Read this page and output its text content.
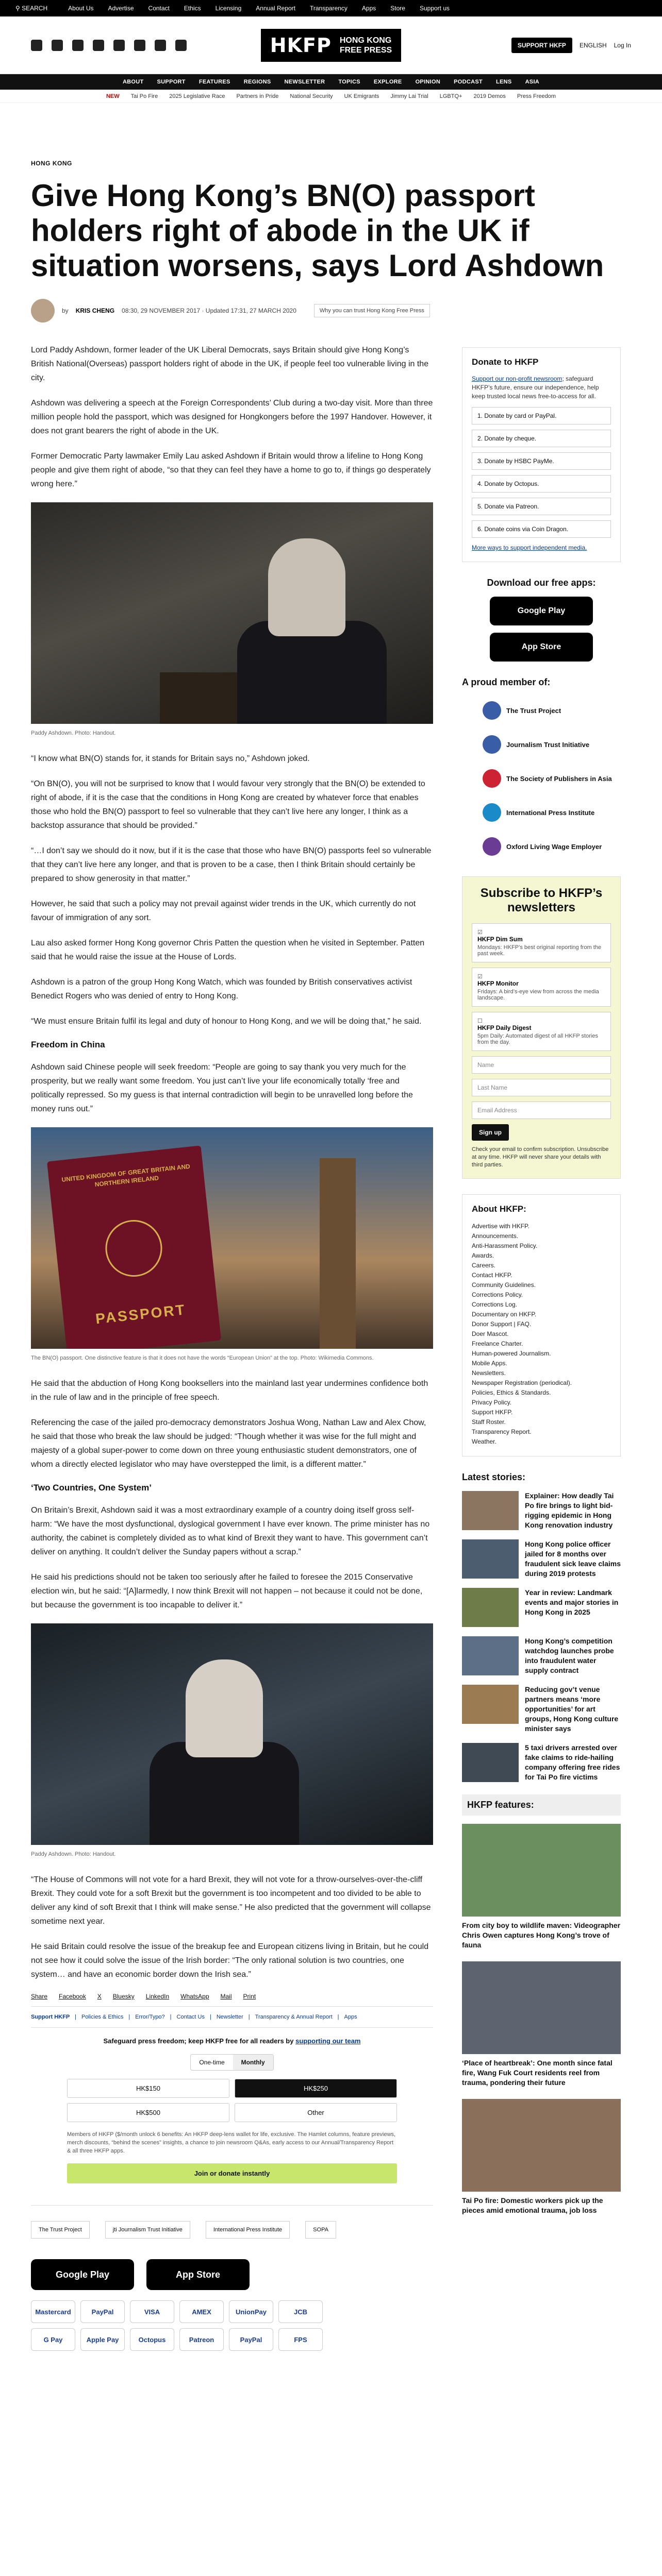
⚲ SEARCH	About Us Advertise Contact Ethics Licensing Annual Report Transparency Apps Store Support us
HKFP HONG KONG
FREE PRESS
SUPPORT HKFP	ENGLISH Log In
ABOUT SUPPORT FEATURES REGIONS NEWSLETTER TOPICS EXPLORE OPINION PODCAST LENS ASIA
NEW Tai Po Fire 2025 Legislative Race Partners in Pride National Security UK Emigrants Jimmy Lai Trial LGBTQ+ 2019 Demos Press Freedom
HONG KONG
Give Hong Kong’s BN(O) passport holders right of abode in the UK if situation worsens, says Lord Ashdown
by KRIS CHENG 08:30, 29 NOVEMBER 2017 · Updated 17:31, 27 MARCH 2020	Why you can trust Hong Kong Free Press

Lord Paddy Ashdown, former leader of the UK Liberal Democrats, says Britain should give Hong Kong’s British National(Overseas) passport holders right of abode in the UK, if people feel too vulnerable living in the city.

Ashdown was delivering a speech at the Foreign Correspondents’ Club during a two-day visit. More than three million people hold the passport, which was designed for Hongkongers before the 1997 Handover. However, it does not grant bearers the right of abode in the UK.

Former Democratic Party lawmaker Emily Lau asked Ashdown if Britain would throw a lifeline to Hong Kong people and give them right of abode, “so that they can feel they have a home to go to, if things go desperately wrong here.”

Paddy Ashdown. Photo: Handout.

“I know what BN(O) stands for, it stands for Britain says no,” Ashdown joked.

“On BN(O), you will not be surprised to know that I would favour very strongly that the BN(O) be extended to right of abode, if it is the case that the conditions in Hong Kong are created by whatever force that enables those who hold the BN(O) passport to feel so vulnerable that they can’t live here any longer, I think as a backstop assurance that should be provided.”

“…I don’t say we should do it now, but if it is the case that those who have BN(O) passports feel so vulnerable that they can’t live here any longer, and that is proven to be a case, then I think Britain should certainly be prepared to show generosity in that matter.”

However, he said that such a policy may not prevail against wider trends in the UK, which currently do not favour of immigration of any sort.

Lau also asked former Hong Kong governor Chris Patten the question when he visited in September. Patten said that he would raise the issue at the House of Lords.

Ashdown is a patron of the group Hong Kong Watch, which was founded by British conservatives activist Benedict Rogers who was denied of entry to Hong Kong.

“We must ensure Britain fulfil its legal and duty of honour to Hong Kong, and we will be doing that,” he said.

Freedom in China

Ashdown said Chinese people will seek freedom: “People are going to say thank you very much for the prosperity, but we really want some freedom. You just can’t live your life economically totally ‘free and politically repressed. So my guess is that internal contradiction will begin to be unravelled long before the money runs out.”

UNITED KINGDOM OF GREAT BRITAIN AND NORTHERN IRELAND
PASSPORT
The BN(O) passport. One distinctive feature is that it does not have the words “European Union” at the top. Photo: Wikimedia Commons.

He said that the abduction of Hong Kong booksellers into the mainland last year undermines confidence both in the rule of law and in the principle of free speech.

Referencing the case of the jailed pro-democracy demonstrators Joshua Wong, Nathan Law and Alex Chow, he said that those who break the law should be judged: “Though whether it was wise for the full might and majesty of a global super-power to come down on three young enthusiastic student demonstrators, one of whom a directly elected legislator who may have overstepped the limit, is a different matter.”

‘Two Countries, One System’

On Britain’s Brexit, Ashdown said it was a most extraordinary example of a country doing itself gross self-harm: “We have the most dysfunctional, dyslogical government I have ever known. The prime minister has no authority, the cabinet is completely divided as to what kind of Brexit they want to have. This government can’t deliver on anything. It couldn’t deliver the Sunday papers without a scrap.”

He said his predictions should not be taken too seriously after he failed to foresee the 2015 Conservative election win, but he said: “[A]larmedly, I now think Brexit will not happen – not because it could not be done, but because the government is too incapable to deliver it.”

Paddy Ashdown. Photo: Handout.

“The House of Commons will not vote for a hard Brexit, they will not vote for a throw-ourselves-over-the-cliff Brexit. They could vote for a soft Brexit but the government is too incompetent and too divided to be able to deliver any kind of soft Brexit that I think will make sense.” He also predicted that the government will collapse sometime next year.

He said Britain could resolve the issue of the breakup fee and European citizens living in Britain, but he could not see how it could solve the issue of the Irish border: “The only rational solution is two countries, one system… and have an economic border down the Irish sea.”

Share Facebook X Bluesky LinkedIn WhatsApp Mail Print
Support HKFP | Policies & Ethics | Error/Typo? | Contact Us | Newsletter | Transparency & Annual Report | Apps
Safeguard press freedom; keep HKFP free for all readers by supporting our team
One-time	Monthly
HK$150	HK$250
HK$500	Other
Members of HKFP ($/month unlock 6 benefits: An HKFP deep-lens wallet for life, exclusive. The Hamlet columns, feature previews, merch discounts, “behind the scenes” insights, a chance to join newsroom Q&As, early access to our Annual/Transparency Report & all three HKFP apps.
Join or donate instantly
The Trust Project	jti Journalism Trust Initiative	International Press Institute	SOPA
Google Play	App Store
Mastercard	PayPal	VISA	AMEX	UnionPay	JCB
G Pay	Apple Pay	Octopus	Patreon	PayPal	FPS
Donate to HKFP

Support our non-profit newsroom; safeguard HKFP’s future, ensure our independence, help keep trusted local news free-to-access for all.

1. Donate by card or PayPal.
2. Donate by cheque.
3. Donate by HSBC PayMe.
4. Donate by Octopus.
5. Donate via Patreon.
6. Donate coins via Coin Dragon.
More ways to support independent media.
Download our free apps:
Google Play
App Store
A proud member of:
The Trust Project
Journalism Trust Initiative
The Society of Publishers in Asia
International Press Institute
Oxford Living Wage Employer
Subscribe to HKFP’s newsletters
☑
HKFP Dim Sum
Mondays: HKFP’s best original reporting from the past week.
☑
HKFP Monitor
Fridays: A bird’s-eye view from across the media landscape.
☐
HKFP Daily Digest
5pm Daily: Automated digest of all HKFP stories from the day.
Name
Last Name
Email Address
Sign up
Check your email to confirm subscription. Unsubscribe at any time. HKFP will never share your details with third parties.
About HKFP:
Advertise with HKFP.
Announcements.
Anti-Harassment Policy.
Awards.
Careers.
Contact HKFP.
Community Guidelines.
Corrections Policy.
Corrections Log.
Documentary on HKFP.
Donor Support | FAQ.
Doer Mascot.
Freelance Charter.
Human-powered Journalism.
Mobile Apps.
Newsletters.
Newspaper Registration (periodical).
Policies, Ethics & Standards.
Privacy Policy.
Support HKFP.
Staff Roster.
Transparency Report.
Weather.
Latest stories:
Explainer: How deadly Tai Po fire brings to light bid-rigging epidemic in Hong Kong renovation industry
Hong Kong police officer jailed for 8 months over fraudulent sick leave claims during 2019 protests
Year in review: Landmark events and major stories in Hong Kong in 2025
Hong Kong’s competition watchdog launches probe into fraudulent water supply contract
Reducing gov’t venue partners means ‘more opportunities’ for art groups, Hong Kong culture minister says
5 taxi drivers arrested over fake claims to ride-hailing company offering free rides for Tai Po fire victims
HKFP features:
From city boy to wildlife maven: Videographer Chris Owen captures Hong Kong’s trove of fauna
‘Place of heartbreak’: One month since fatal fire, Wang Fuk Court residents reel from trauma, pondering their future
Tai Po fire: Domestic workers pick up the pieces amid emotional trauma, job loss
